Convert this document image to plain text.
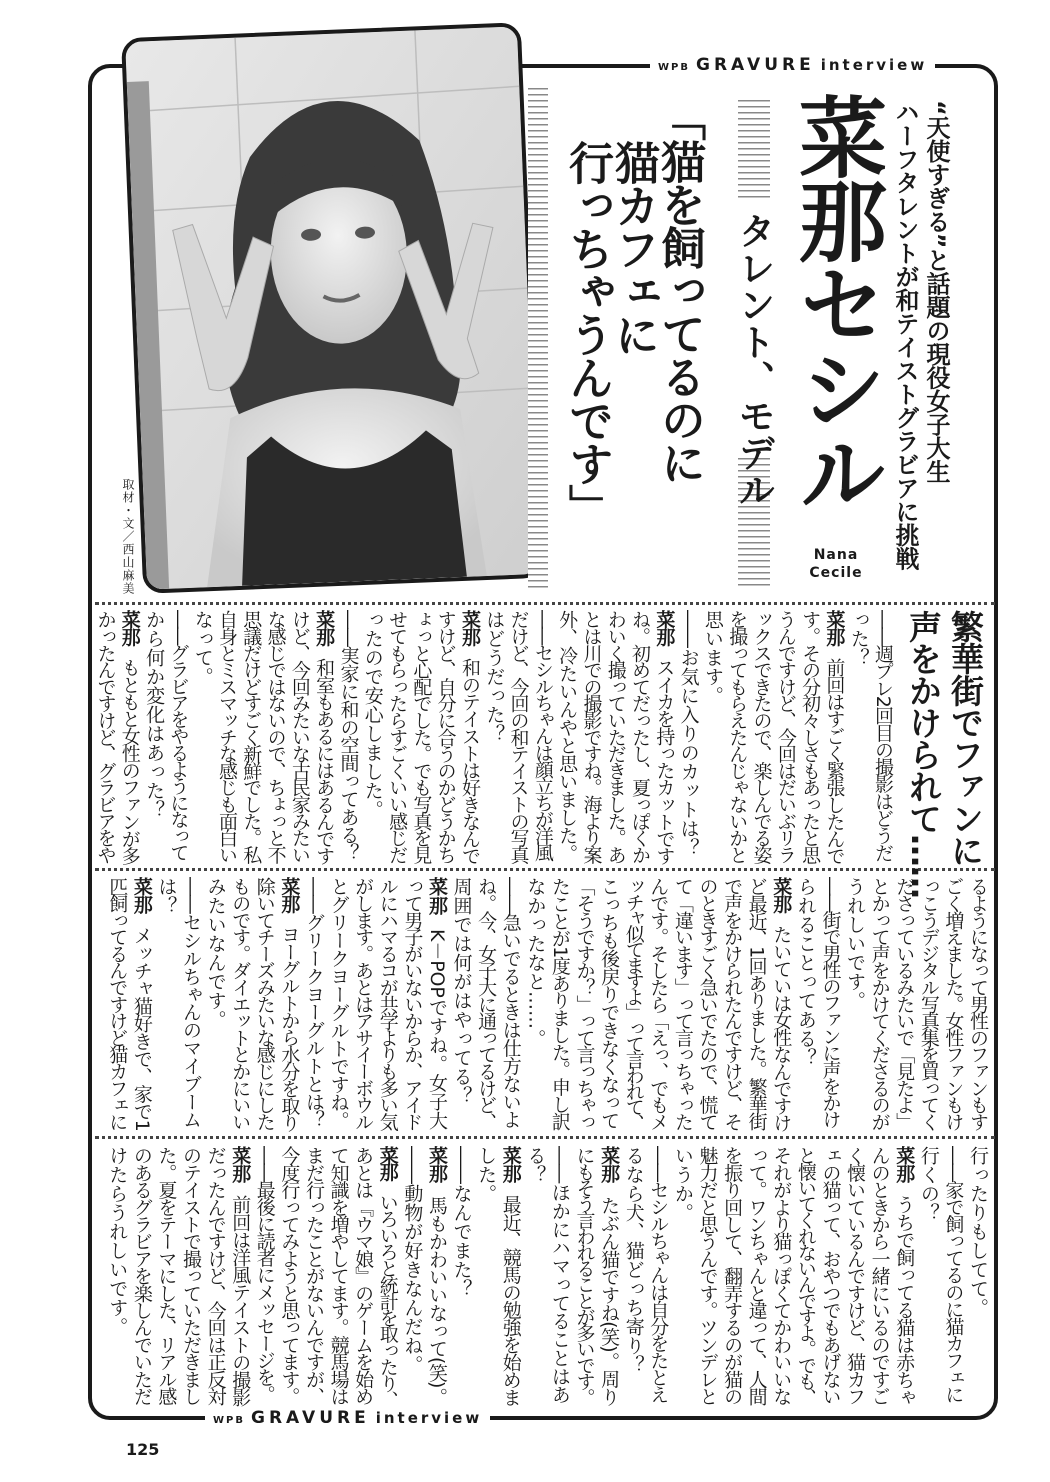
WPB GRAVURE interview
WPB GRAVURE interview
取材・文／西山麻美
“天使すぎる”と話題の現役女子大生
ハーフタレントが和テイストグラビアに挑戦
菜那セシル
Nana
Cecile
タレント、モデル
「猫を飼ってるのに
猫カフェに
行っちゃうんです」
繁華街でファンに
声をかけられて……
――週プレ2回目の撮影はどうだ
った？
菜那前回はすごく緊張したんで
す。その分初々しさもあったと思
うんですけど、今回はだいぶリラ
ックスできたので、楽しんでる姿
を撮ってもらえたんじゃないかと
思います。
――お気に入りのカットは？
菜那スイカを持ったカットです
ね。初めてだったし、夏っぽくか
わいく撮っていただきました。あ
とは川での撮影ですね。海より案
外、冷たいんやと思いました。
――セシルちゃんは顔立ちが洋風
だけど、今回の和テイストの写真
はどうだった？
菜那和のテイストは好きなんで
すけど、自分に合うのかどうかち
ょっと心配でした。でも写真を見
せてもらったらすごくいい感じだ
ったので安心しました。
――実家に和の空間ってある？
菜那和室もあるにはあるんです
けど、今回みたいな古民家みたい
な感じではないので、ちょっと不
思議だけどすごく新鮮でした。私
自身とミスマッチな感じも面白い
なって。
――グラビアをやるようになって
から何か変化はあった？
菜那もともと女性のファンが多
かったんですけど、グラビアをや
るようになって男性のファンもす
ごく増えました。女性ファンもけ
っこうデジタル写真集を買ってく
ださっているみたいで「見たよ」
とかって声をかけてくださるのが
うれしいです。
――街で男性のファンに声をかけ
られることってある？
菜那たいていは女性なんですけ
ど最近、1回ありました。繁華街
で声をかけられたんですけど、そ
のときすごく急いでたので、慌て
て「違います」って言っちゃった
んです。そしたら「えっ、でもメ
ッチャ似てますよ」って言われて、
こっちも後戻りできなくなって
「そうですか？」って言っちゃっ
たことが1度ありました。申し訳
なかったなと……。
――急いでるときは仕方ないよ
ね。今、女子大に通ってるけど、
周囲では何がはやってる？
菜那K－POPですね。女子大
って男子がいないからか、アイド
ルにハマるコが共学よりも多い気
がします。あとはアサイーボウル
とグリークヨーグルトですね。
――グリークヨーグルトとは？
菜那ヨーグルトから水分を取り
除いてチーズみたいな感じにした
ものです。ダイエットとかにいい
みたいなんです。
――セシルちゃんのマイブーム
は？
菜那メッチャ猫好きで、家で1
匹飼ってるんですけど猫カフェに
行ったりもしてて。
――家で飼ってるのに猫カフェに
行くの？
菜那うちで飼ってる猫は赤ちゃ
んのときから一緒にいるのですご
く懐いているんですけど、猫カフ
ェの猫って、おやつでもあげない
と懐いてくれないんですよ。でも、
それがより猫っぽくてかわいいな
って。ワンちゃんと違って、人間
を振り回して、翻弄するのが猫の
魅力だと思うんです。ツンデレと
いうか。
――セシルちゃんは自分をたとえ
るなら犬、猫どっち寄り？
菜那たぶん猫ですね(笑)。周り
にもそう言われることが多いです。
――ほかにハマってることはあ
る？
菜那最近、競馬の勉強を始めま
した。
――なんでまた？
菜那馬もかわいいなって(笑)。
――動物が好きなんだね。
菜那いろいろと統計を取ったり、
あとは『ウマ娘』のゲームを始め
て知識を増やしてます。競馬場は
まだ行ったことがないんですが、
今度行ってみようと思ってます。
――最後に読者にメッセージを。
菜那前回は洋風テイストの撮影
だったんですけど、今回は正反対
のテイストで撮っていただきまし
た。夏をテーマにした、リアル感
のあるグラビアを楽しんでいただ
けたらうれしいです。
125
